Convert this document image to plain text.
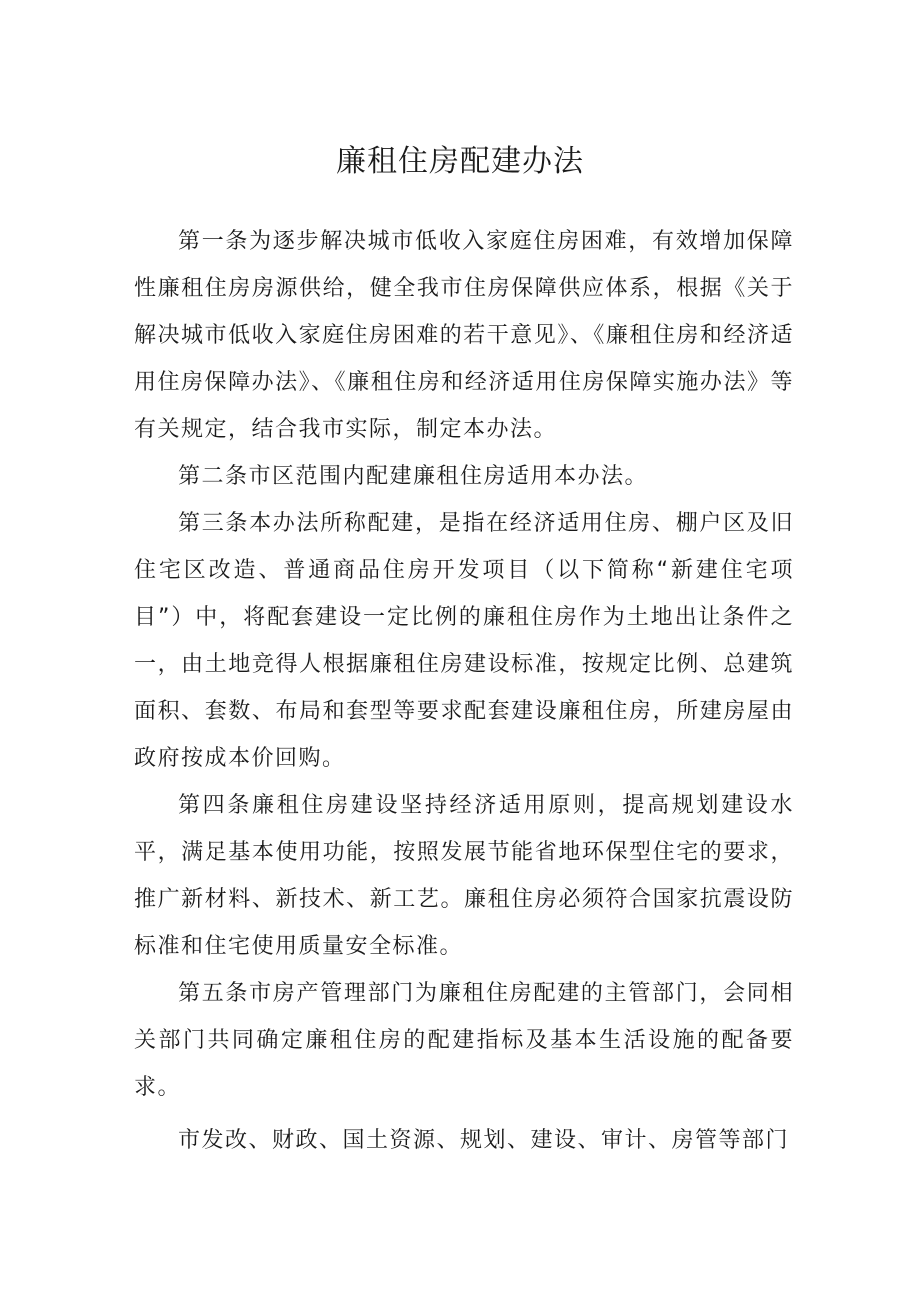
廉租住房配建办法

第一条为逐步解决城市低收入家庭住房困难，有效增加保障性廉租住房房源供给，健全我市住房保障供应体系，根据《关于解决城市低收入家庭住房困难的若干意见》、《廉租住房和经济适用住房保障办法》、《廉租住房和经济适用住房保障实施办法》等有关规定，结合我市实际，制定本办法。

第二条市区范围内配建廉租住房适用本办法。

第三条本办法所称配建，是指在经济适用住房、棚户区及旧住宅区改造、普通商品住房开发项目（以下简称“新建住宅项目”）中，将配套建设一定比例的廉租住房作为土地出让条件之一，由土地竞得人根据廉租住房建设标准，按规定比例、总建筑面积、套数、布局和套型等要求配套建设廉租住房，所建房屋由政府按成本价回购。

第四条廉租住房建设坚持经济适用原则，提高规划建设水平，满足基本使用功能，按照发展节能省地环保型住宅的要求，推广新材料、新技术、新工艺。廉租住房必须符合国家抗震设防标准和住宅使用质量安全标准。

第五条市房产管理部门为廉租住房配建的主管部门，会同相关部门共同确定廉租住房的配建指标及基本生活设施的配备要求。

市发改、财政、国土资源、规划、建设、审计、房管等部门
